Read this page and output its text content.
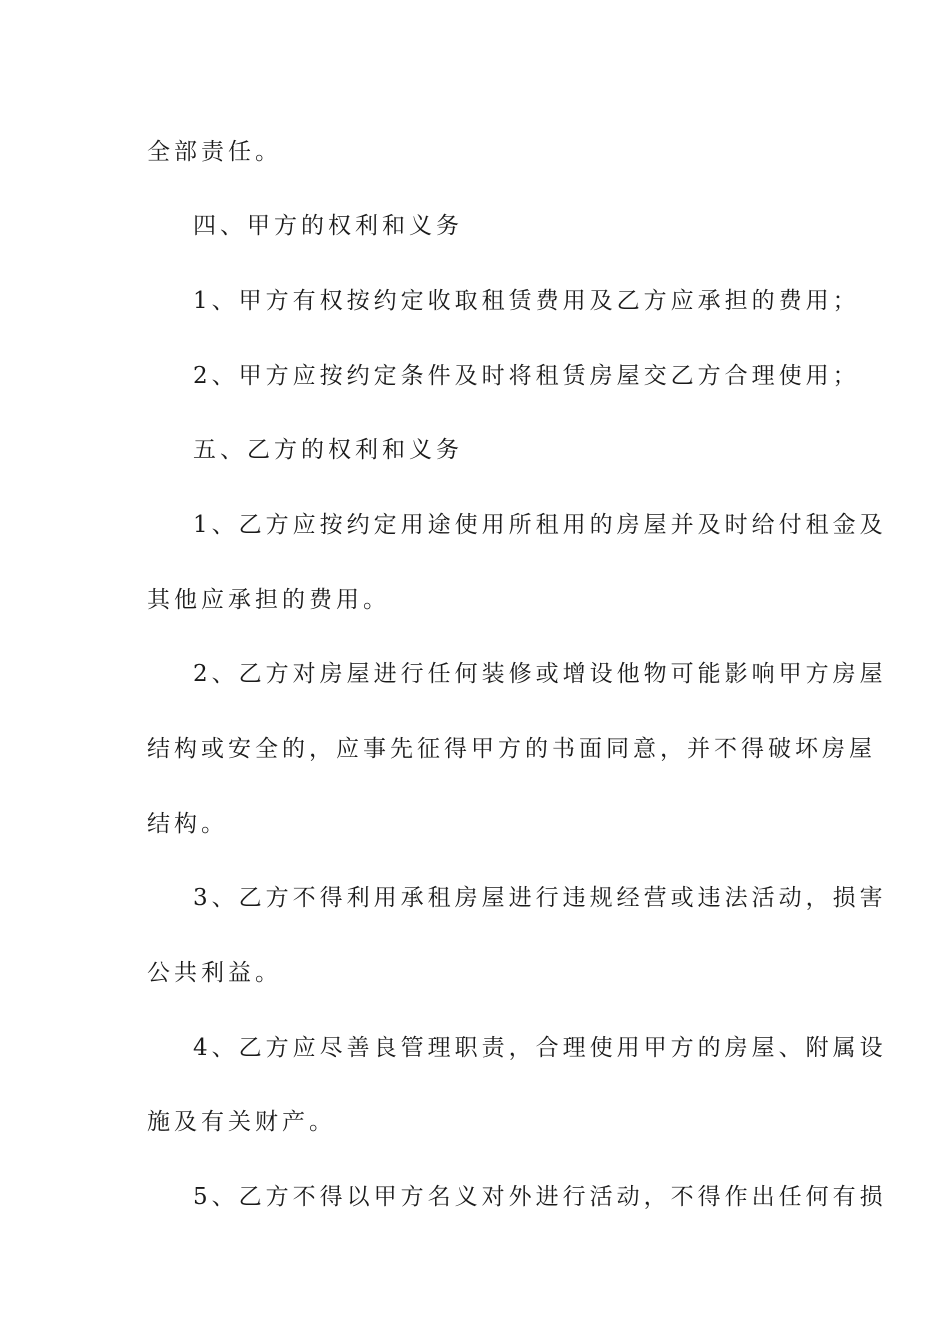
全部责任。
四、甲方的权利和义务
1、甲方有权按约定收取租赁费用及乙方应承担的费用；
2、甲方应按约定条件及时将租赁房屋交乙方合理使用；
五、乙方的权利和义务
1、乙方应按约定用途使用所租用的房屋并及时给付租金及
其他应承担的费用。
2、乙方对房屋进行任何装修或增设他物可能影响甲方房屋
结构或安全的，应事先征得甲方的书面同意，并不得破坏房屋
结构。
3、乙方不得利用承租房屋进行违规经营或违法活动，损害
公共利益。
4、乙方应尽善良管理职责，合理使用甲方的房屋、附属设
施及有关财产。
5、乙方不得以甲方名义对外进行活动，不得作出任何有损
